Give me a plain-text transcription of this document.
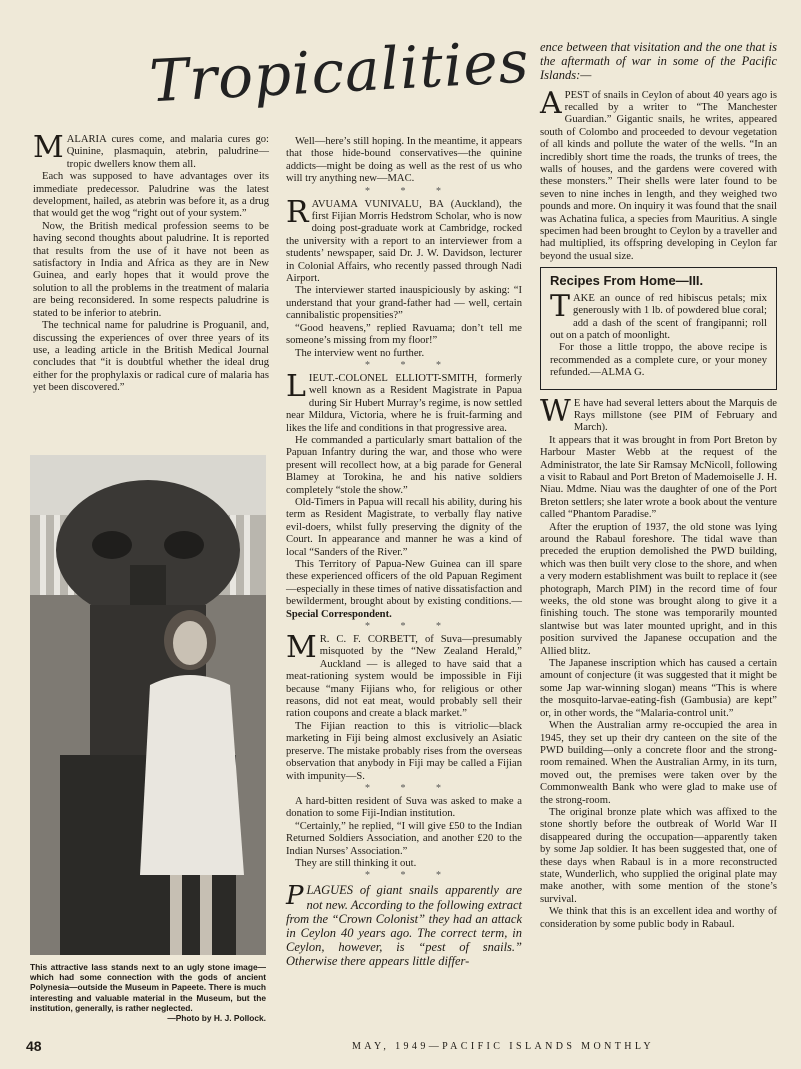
Tropicalities

MALARIA cures come, and malaria cures go: Quinine, plasmaquin, atebrin, paludrine—tropic dwellers know them all.

Each was supposed to have advantages over its immediate predecessor. Paludrine was the latest development, hailed, as atebrin was before it, as a drug that would get the wog “right out of your system.”

Now, the British medical profession seems to be having second thoughts about paludrine. It is reported that results from the use of it have not been as satisfactory in India and Africa as they are in New Guinea, and early hopes that it would prove the solution to all the problems in the treatment of malaria are being reconsidered. In some respects paludrine is stated to be inferior to atebrin.

The technical name for paludrine is Proguanil, and, discussing the experiences of over three years of its use, a leading article in the British Medical Journal concludes that “it is doubtful whether the ideal drug either for the prophylaxis or radical cure of malaria has yet been discovered.”

This attractive lass stands next to an ugly stone image—which had some connection with the gods of ancient Polynesia—outside the Museum in Papeete. There is much interesting and valuable material in the Museum, but the institution, generally, is rather neglected.
—Photo by H. J. Pollock.

Well—here’s still hoping. In the meantime, it appears that those hide-bound conservatives—the quinine addicts—might be doing as well as the rest of us who will try anything new—MAC.

* * *

RAVUAMA VUNIVALU, BA (Auckland), the first Fijian Morris Hedstrom Scholar, who is now doing post-graduate work at Cambridge, rocked the university with a report to an interviewer from a students’ newspaper, said Dr. J. W. Davidson, lecturer in Colonial Affairs, who recently passed through Nadi Airport.

The interviewer started inauspiciously by asking: “I understand that your grand-father had — well, certain cannibalistic propensities?”

“Good heavens,” replied Ravuama; don’t tell me someone’s missing from my floor!”

The interview went no further.

* * *

LIEUT.-COLONEL ELLIOTT-SMITH, formerly well known as a Resident Magistrate in Papua during Sir Hubert Murray’s regime, is now settled near Mildura, Victoria, where he is fruit-farming and likes the life and conditions in that progressive area.

He commanded a particularly smart battalion of the Papuan Infantry during the war, and those who were present will recollect how, at a big parade for General Blamey at Torokina, he and his native soldiers completely “stole the show.”

Old-Timers in Papua will recall his ability, during his term as Resident Magistrate, to verbally flay native evil-doers, whilst fully preserving the dignity of the Court. In appearance and manner he was a kind of local “Sanders of the River.”

This Territory of Papua-New Guinea can ill spare these experienced officers of the old Papuan Regiment—especially in these times of native dissatisfaction and bewilderment, brought about by existing conditions.—Special Correspondent.

* * *

M R. C. F. CORBETT, of Suva—presumably misquoted by the “New Zealand Herald,” Auckland — is alleged to have said that a meat-rationing system would be impossible in Fiji because “many Fijians who, for religious or other reasons, did not eat meat, would probably sell their ration coupons and create a black market.”

The Fijian reaction to this is vitriolic—black marketing in Fiji being almost exclusively an Asiatic preserve. The mistake probably rises from the overseas observation that anybody in Fiji may be called a Fijian with impunity—S.

* * *

A hard-bitten resident of Suva was asked to make a donation to some Fiji-Indian institution.

“Certainly,” he replied, “I will give £50 to the Indian Returned Soldiers Association, and another £20 to the Indian Nurses’ Association.”

They are still thinking it out.

* * *

PLAGUES of giant snails apparently are not new. According to the following extract from the “Crown Colonist” they had an attack in Ceylon 40 years ago. The correct term, in Ceylon, however, is “pest of snails.” Otherwise there appears little differ-

ence between that visitation and the one that is the aftermath of war in some of the Pacific Islands:—

APEST of snails in Ceylon of about 40 years ago is recalled by a writer to “The Manchester Guardian.” Gigantic snails, he writes, appeared south of Colombo and proceeded to devour vegetation of all kinds and pollute the water of the wells. “In an incredibly short time the roads, the trunks of trees, the walls of houses, and the gardens were covered with these monsters.” Their shells were later found to be seven to nine inches in length, and they weighed two pounds and more. On inquiry it was found that the snail was Achatina fulica, a species from Mauritius. A single specimen had been brought to Ceylon by a traveller and had multiplied, its offspring developing in Ceylon far beyond the usual size.

Recipes From Home—III.

TAKE an ounce of red hibiscus petals; mix generously with 1 lb. of powdered blue coral; add a dash of the scent of frangipanni; roll out on a patch of moonlight.

For those a little troppo, the above recipe is recommended as a complete cure, or your money refunded.—ALMA G.

W E have had several letters about the Marquis de Rays millstone (see PIM of February and March).

It appears that it was brought in from Port Breton by Harbour Master Webb at the request of the Administrator, the late Sir Ramsay McNicoll, following a visit to Rabaul and Port Breton of Mademoiselle J. H. Niau. Mdme. Niau was the daughter of one of the Port Breton settlers; she later wrote a book about the venture called “Phantom Paradise.”

After the eruption of 1937, the old stone was lying around the Rabaul foreshore. The tidal wave than preceded the eruption demolished the PWD building, which was then built very close to the shore, and when a very modern establishment was built to replace it (see photograph, March PIM) in the record time of four weeks, the old stone was brought along to give it a finishing touch. The stone was temporarily mounted slantwise but was later mounted upright, and in this position survived the Japanese occupation and the Allied blitz.

The Japanese inscription which has caused a certain amount of conjecture (it was suggested that it might be some Jap war-winning slogan) means “This is where the mosquito-larvae-eating-fish (Gambusia) are kept” or, in other words, the “Malaria-control unit.”

When the Australian army re-occupied the area in 1945, they set up their dry canteen on the site of the PWD building—only a concrete floor and the strong-room remained. When the Australian Army, in its turn, moved out, the premises were taken over by the Commonwealth Bank who were glad to make use of the strong-room.

The original bronze plate which was affixed to the stone shortly before the outbreak of World War II disappeared during the occupation—apparently taken by some Jap soldier. It has been suggested that, one of these days when Rabaul is in a more reconstructed state, Wunderlich, who supplied the original plate may make another, with some mention of the stone’s survival.

We think that this is an excellent idea and worthy of consideration by some public body in Rabaul.

48	MAY, 1949—PACIFIC ISLANDS MONTHLY
